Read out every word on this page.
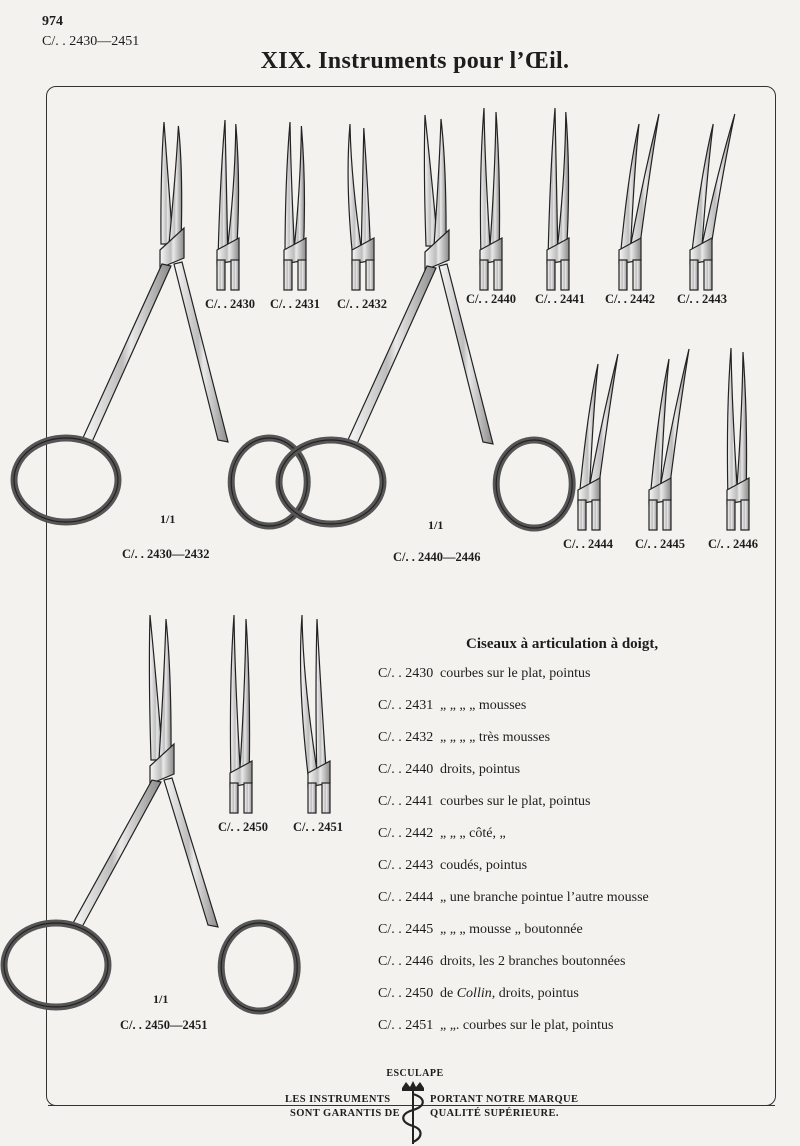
974
C/. . 2430—2451
XIX. Instruments pour l’Œil.
C/. . 2430 C/. . 2431 C/. . 2432	C/. . 2440 C/. . 2441 C/. . 2442 C/. . 2443
C/. . 2430—2432	C/. . 2440—2446
C/. . 2444 C/. . 2445 C/. . 2446
C/. . 2450 C/. . 2451
C/. . 2450—2451
1/1	1/1
1/1
Ciseaux à articulation à doigt,
C/. . 2430 courbes sur le plat, pointus
C/. . 2431 „ „ „ „ mousses
C/. . 2432 „ „ „ „ très mousses
C/. . 2440 droits, pointus
C/. . 2441 courbes sur le plat, pointus
C/. . 2442 „ „ „ côté, „
C/. . 2443 coudés, pointus
C/. . 2444 „ une branche pointue l’autre mousse
C/. . 2445 „ „ „ mousse „ boutonnée
C/. . 2446 droits, les 2 branches boutonnées
C/. . 2450 de Collin, droits, pointus
C/. . 2451 „ „. courbes sur le plat, pointus
ESCULAPE
LES INSTRUMENTS
SONT GARANTIS DE
PORTANT NOTRE MARQUE
QUALITÉ SUPÉRIEURE.
